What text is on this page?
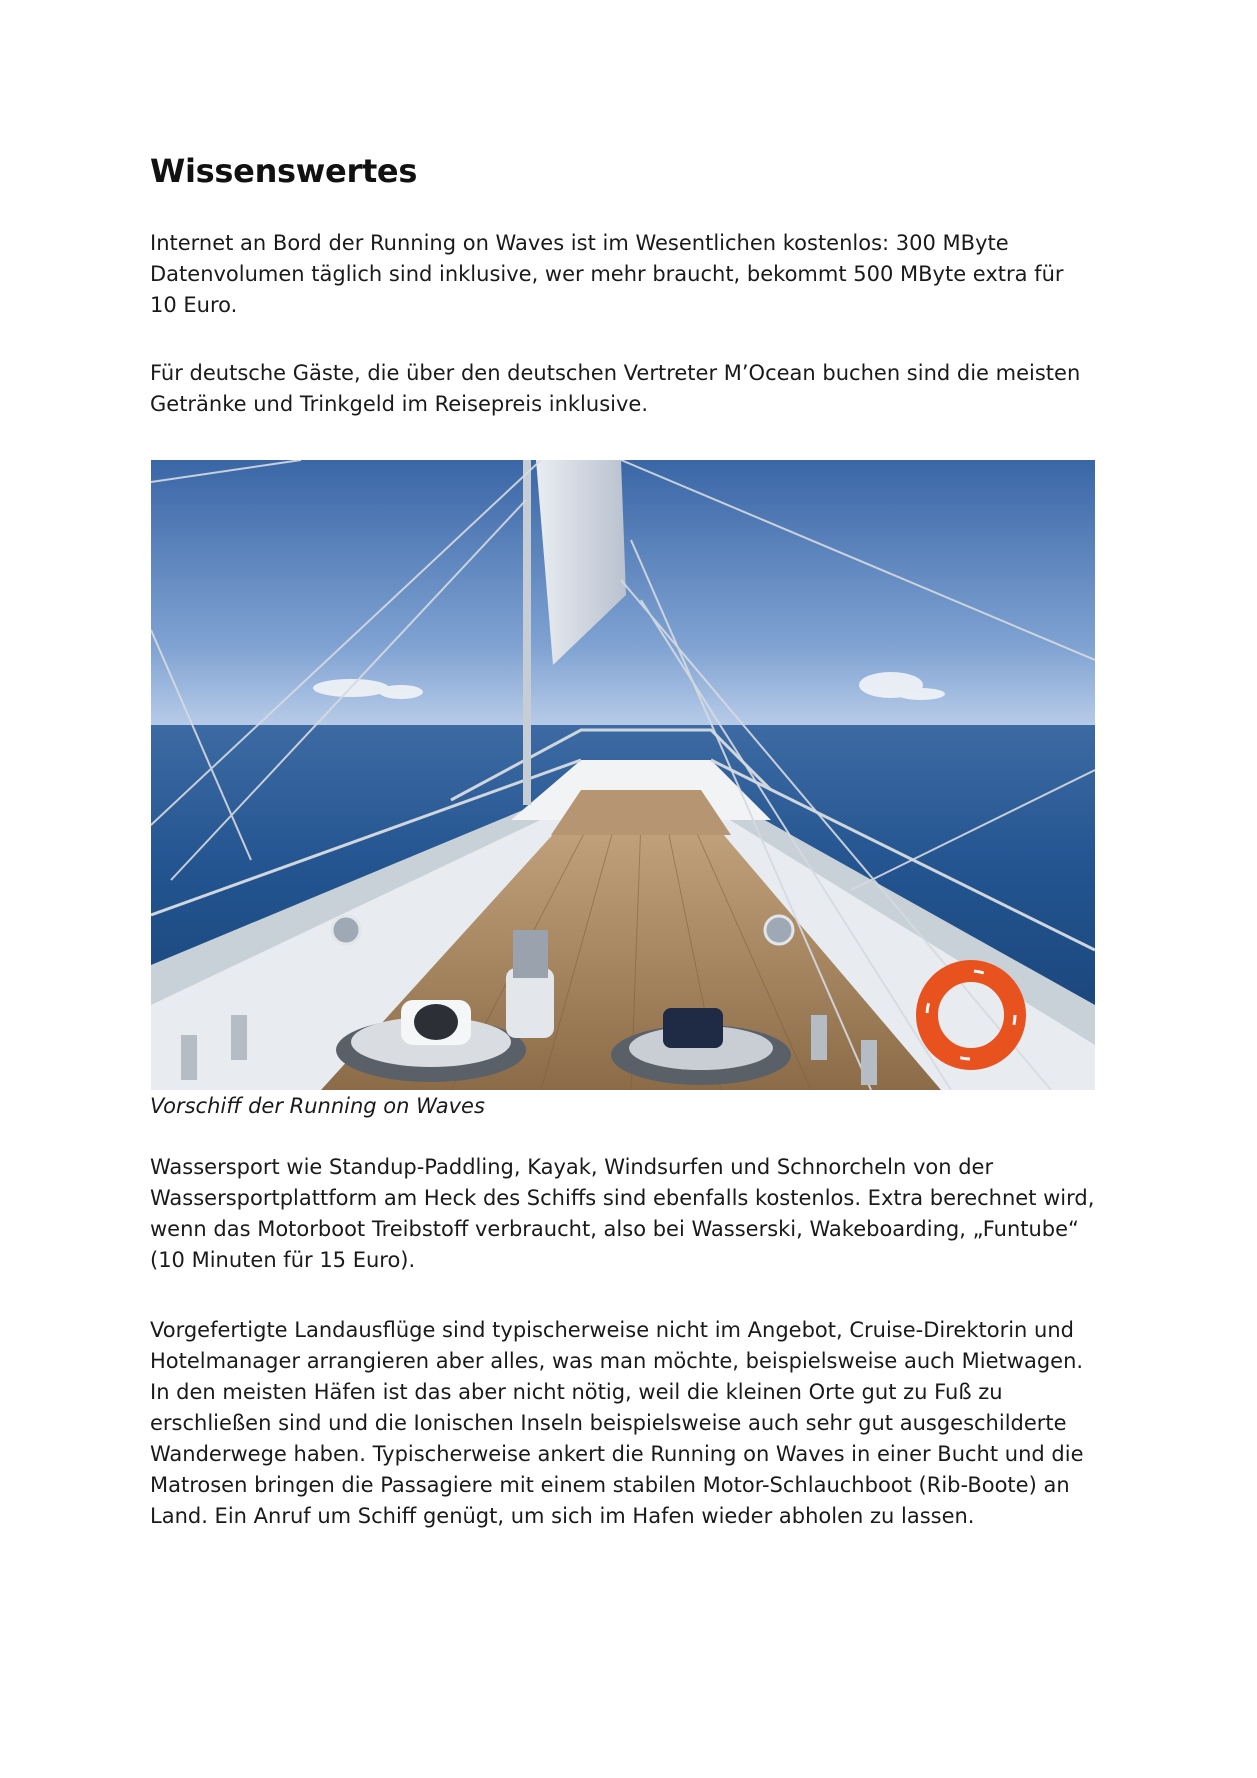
Wissenswertes

Internet an Bord der Running on Waves ist im Wesentlichen kostenlos: 300 MByte Datenvolumen täglich sind inklusive, wer mehr braucht, bekommt 500 MByte extra für 10 Euro.

Für deutsche Gäste, die über den deutschen Vertreter M’Ocean buchen sind die meisten Getränke und Trinkgeld im Reisepreis inklusive.

Vorschiff der Running on Waves

Wassersport wie Standup-Paddling, Kayak, Windsurfen und Schnorcheln von der Wassersportplattform am Heck des Schiffs sind ebenfalls kostenlos. Extra berechnet wird, wenn das Motorboot Treibstoff verbraucht, also bei Wasserski, Wakeboarding, „Funtube“ (10 Minuten für 15 Euro).

Vorgefertigte Landausflüge sind typischerweise nicht im Angebot, Cruise-Direktorin und Hotelmanager arrangieren aber alles, was man möchte, beispielsweise auch Mietwagen. In den meisten Häfen ist das aber nicht nötig, weil die kleinen Orte gut zu Fuß zu erschließen sind und die Ionischen Inseln beispielsweise auch sehr gut ausgeschilderte Wanderwege haben. Typischerweise ankert die Running on Waves in einer Bucht und die Matrosen bringen die Passagiere mit einem stabilen Motor-Schlauchboot (Rib-Boote) an Land. Ein Anruf um Schiff genügt, um sich im Hafen wieder abholen zu lassen.
